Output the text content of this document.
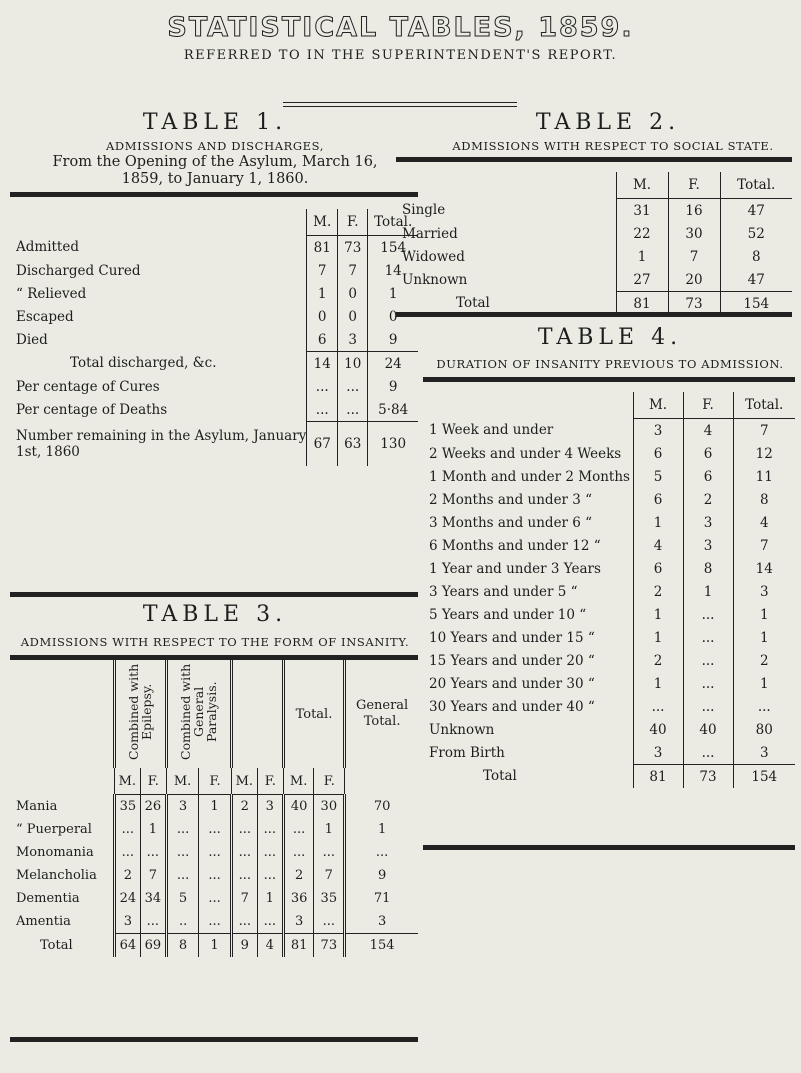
STATISTICAL TABLES, 1859.
REFERRED TO IN THE SUPERINTENDENT'S REPORT.
TABLE 1.
ADMISSIONS AND DISCHARGES,
From the Opening of the Asylum, March 16, 1859, to January 1, 1860.
	M.	F.	Total.
Admitted	81	73	154
Discharged Cured	7	7	14
“ Relieved	1	0	1
Escaped	0	0	0
Died	6	3	9
Total discharged, &c.	14	10	24
Per centage of Cures	...	...	9
Per centage of Deaths	...	...	5·84

Number remaining in the Asylum, January
1st, 1860	67	63	130
TABLE 2.
ADMISSIONS WITH RESPECT TO SOCIAL STATE.
	M.	F.	Total.
Single	31	16	47
Married	22	30	52
Widowed	1	7	8
Unknown	27	20	47
Total	81	73	154
TABLE 4.
DURATION OF INSANITY PREVIOUS TO ADMISSION.
	M.	F.	Total.
1 Week and under	3	4	7
2 Weeks and under 4 Weeks	6	6	12
1 Month and under 2 Months	5	6	11
2 Months and under 3 “	6	2	8
3 Months and under 6 “	1	3	4
6 Months and under 12 “	4	3	7
1 Year and under 3 Years	6	8	14
3 Years and under 5 “	2	1	3
5 Years and under 10 “	1	...	1
10 Years and under 15 “	1	...	1
15 Years and under 20 “	2	...	2
20 Years and under 30 “	1	...	1
30 Years and under 40 “	...	...	...
Unknown	40	40	80
From Birth	3	...	3
Total	81	73	154
TABLE 3.
ADMISSIONS WITH RESPECT TO THE FORM OF INSANITY.
	Combined with Epilepsy.		Combined with General Paralysis.				Total.		General Total.
	M.	F.	M.	F.	M.	F.	M.	F.	
Mania	35	26	3	1	2	3	40	30	70
“ Puerperal	...	1	...	...	...	...	...	1	1
Monomania	...	...	...	...	...	...	...	...	...
Melancholia	2	7	...	...	...	...	2	7	9
Dementia	24	34	5	...	7	1	36	35	71
Amentia	3	...	..	...	...	...	3	...	3
Total	64	69	8	1	9	4	81	73	154
